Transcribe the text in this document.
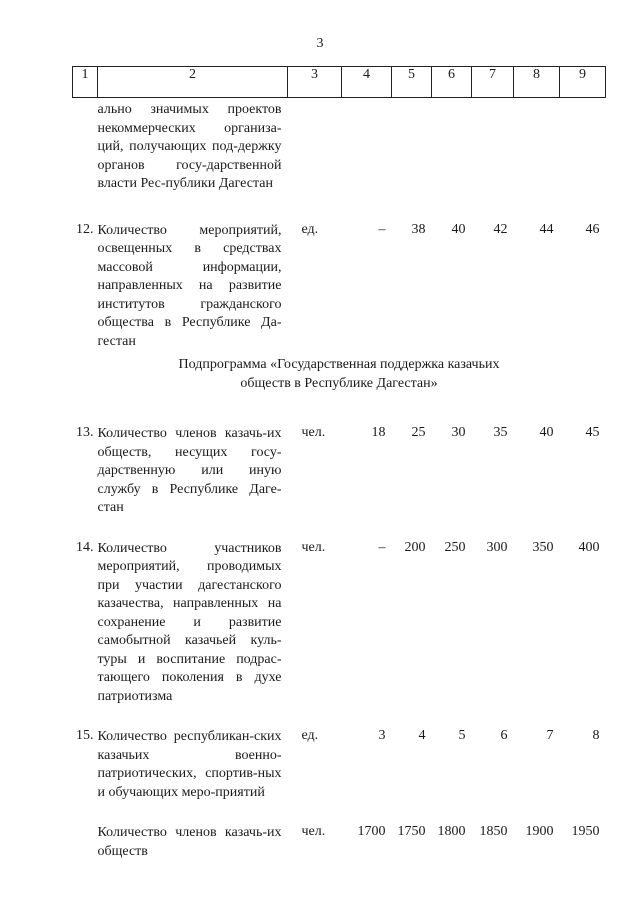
3
1	2	3	4	5	6	7	8	9
	ально значимых проектов некоммерческих организа-ций, получающих под-держку органов госу-дарственной власти Рес-публики Дагестан							
12.	Количество мероприятий, освещенных в средствах массовой информации, направленных на развитие институтов гражданского общества в Республике Да-гестан	ед.	–	38	40	42	44	46

Подпрограмма «Государственная поддержка казачьих обществ в Республике Дагестан»								

13.	Количество членов казачь-их обществ, несущих госу-дарственную или иную службу в Республике Даге-стан	чел.	18	25	30	35	40	45
14.	Количество участников мероприятий, проводимых при участии дагестанского казачества, направленных на сохранение и развитие самобытной казачьей куль-туры и воспитание подрас-тающего поколения в духе патриотизма	чел.	–	200	250	300	350	400
15.	Количество республикан-ских казачьих военно-патриотических, спортив-ных и обучающих меро-приятий	ед.	3	4	5	6	7	8
	Количество членов казачь-их обществ	чел.	1700	1750	1800	1850	1900	1950
